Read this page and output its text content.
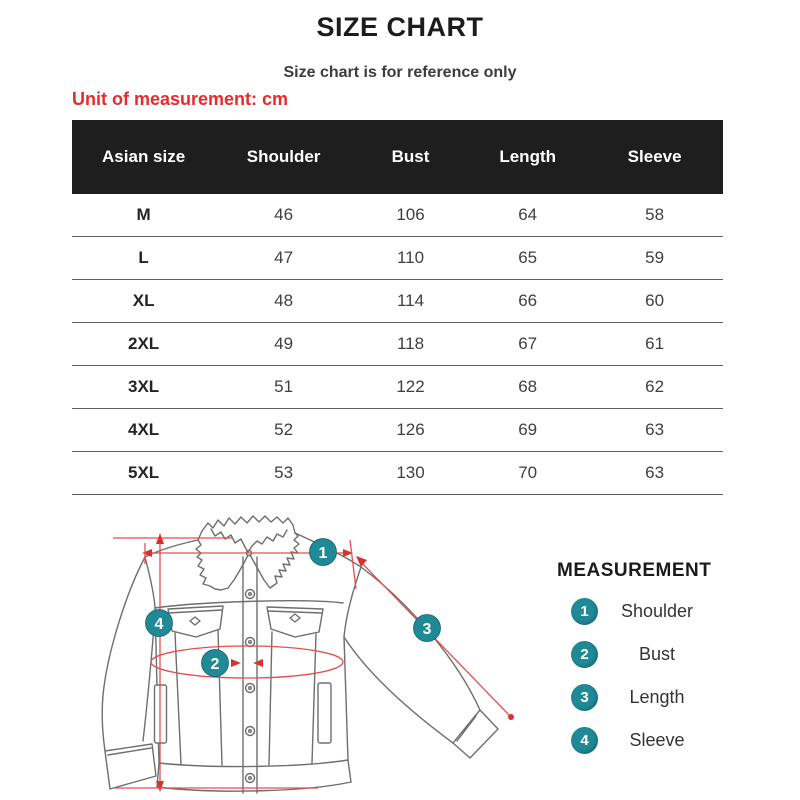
SIZE CHART
Size chart is for reference only
Unit of measurement: cm
Asian size	Shoulder	Bust	Length	Sleeve
M	46	106	64	58
L	47	110	65	59
XL	48	114	66	60
2XL	49	118	67	61
3XL	51	122	68	62
4XL	52	126	69	63
5XL	53	130	70	63
1
2
3
4
MEASUREMENT
1	Shoulder
2	Bust
3	Length
4	Sleeve
